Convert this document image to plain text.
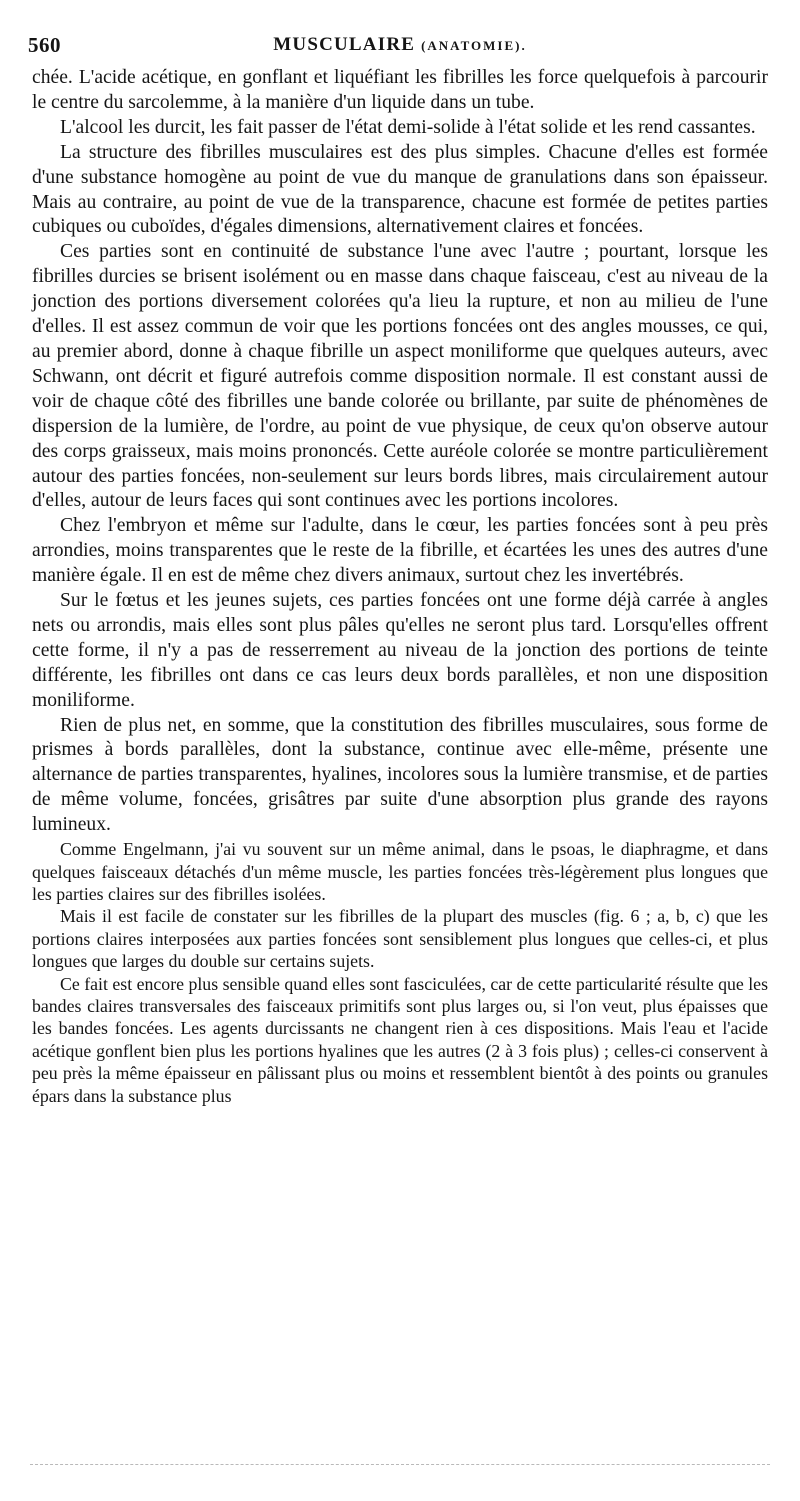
560	MUSCULAIRE (ANATOMIE).

chée. L'acide acétique, en gonflant et liquéfiant les fibrilles les force quelquefois à parcourir le centre du sarcolemme, à la manière d'un liquide dans un tube.

L'alcool les durcit, les fait passer de l'état demi-solide à l'état solide et les rend cassantes.

La structure des fibrilles musculaires est des plus simples. Chacune d'elles est formée d'une substance homogène au point de vue du manque de granulations dans son épaisseur. Mais au contraire, au point de vue de la transparence, chacune est formée de petites parties cubiques ou cuboïdes, d'égales dimensions, alternativement claires et foncées.

Ces parties sont en continuité de substance l'une avec l'autre ; pourtant, lorsque les fibrilles durcies se brisent isolément ou en masse dans chaque faisceau, c'est au niveau de la jonction des portions diversement colorées qu'a lieu la rupture, et non au milieu de l'une d'elles. Il est assez commun de voir que les portions foncées ont des angles mousses, ce qui, au premier abord, donne à chaque fibrille un aspect moniliforme que quelques auteurs, avec Schwann, ont décrit et figuré autrefois comme disposition normale. Il est constant aussi de voir de chaque côté des fibrilles une bande colorée ou brillante, par suite de phénomènes de dispersion de la lumière, de l'ordre, au point de vue physique, de ceux qu'on observe autour des corps graisseux, mais moins prononcés. Cette auréole colorée se montre particulièrement autour des parties foncées, non-seulement sur leurs bords libres, mais circulairement autour d'elles, autour de leurs faces qui sont continues avec les portions incolores.

Chez l'embryon et même sur l'adulte, dans le cœur, les parties foncées sont à peu près arrondies, moins transparentes que le reste de la fibrille, et écartées les unes des autres d'une manière égale. Il en est de même chez divers animaux, surtout chez les invertébrés.

Sur le fœtus et les jeunes sujets, ces parties foncées ont une forme déjà carrée à angles nets ou arrondis, mais elles sont plus pâles qu'elles ne seront plus tard. Lorsqu'elles offrent cette forme, il n'y a pas de resserrement au niveau de la jonction des portions de teinte différente, les fibrilles ont dans ce cas leurs deux bords parallèles, et non une disposition moniliforme.

Rien de plus net, en somme, que la constitution des fibrilles musculaires, sous forme de prismes à bords parallèles, dont la substance, continue avec elle-même, présente une alternance de parties transparentes, hyalines, incolores sous la lumière transmise, et de parties de même volume, foncées, grisâtres par suite d'une absorption plus grande des rayons lumineux.

Comme Engelmann, j'ai vu souvent sur un même animal, dans le psoas, le diaphragme, et dans quelques faisceaux détachés d'un même muscle, les parties foncées très-légèrement plus longues que les parties claires sur des fibrilles isolées.

Mais il est facile de constater sur les fibrilles de la plupart des muscles (fig. 6 ; a, b, c) que les portions claires interposées aux parties foncées sont sensiblement plus longues que celles-ci, et plus longues que larges du double sur certains sujets.

Ce fait est encore plus sensible quand elles sont fasciculées, car de cette particularité résulte que les bandes claires transversales des faisceaux primitifs sont plus larges ou, si l'on veut, plus épaisses que les bandes foncées. Les agents durcissants ne changent rien à ces dispositions. Mais l'eau et l'acide acétique gonflent bien plus les portions hyalines que les autres (2 à 3 fois plus) ; celles-ci conservent à peu près la même épaisseur en pâlissant plus ou moins et ressemblent bientôt à des points ou granules épars dans la substance plus
